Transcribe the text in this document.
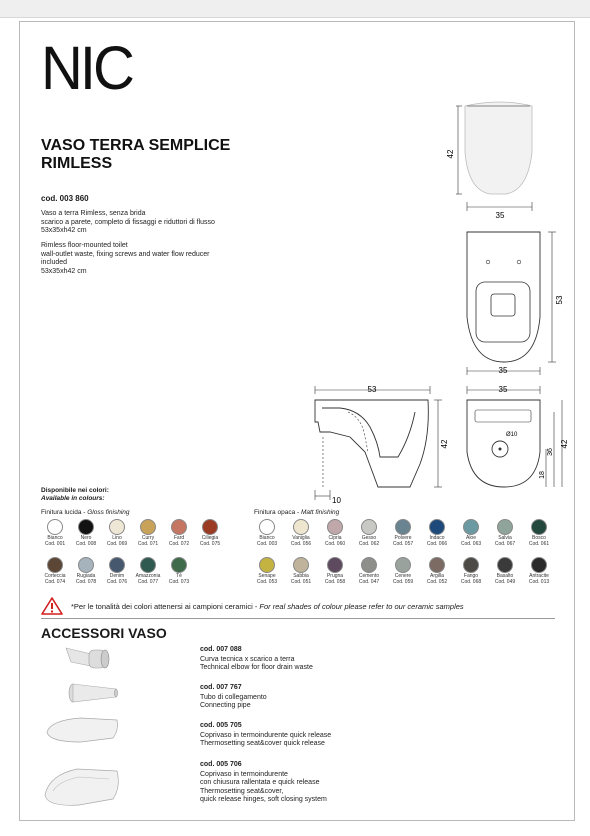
NIC
VASO TERRA SEMPLICE
RIMLESS
cod. 003 860
Vaso a terra Rimless, senza brida
scarico a parete, completo di fissaggi e riduttori di flusso
53x35xh42 cm
Rimless floor-mounted toilet
wall-outlet waste, fixing screws and water flow reducer
included
53x35xh42 cm
42
35
53
35
53
42
10
35
Ø10
18
36
42
Disponibile nei colori:
Available in colours:
Finitura lucida - Gloss finishing	Finitura opaca - Matt finishing
Bianco
Cod. 001
Nero
Cod. 008
Lino
Cod. 069
Curry
Cod. 071
Fard
Cod. 072
Ciliegia
Cod. 075
Corteccia
Cod. 074
Rugiada
Cod. 078
Denim
Cod. 076
Amazzonia
Cod. 077
Tè
Cod. 073
Bianco
Cod. 003
Vaniglia
Cod. 056
Cipria
Cod. 060
Gesso
Cod. 062
Polvere
Cod. 057
Indaco
Cod. 066
Aloe
Cod. 063
Salvia
Cod. 067
Bosco
Cod. 061
Senape
Cod. 053
Sabbia
Cod. 051
Prugna
Cod. 058
Cemento
Cod. 047
Cenere
Cod. 059
Argilla
Cod. 052
Fango
Cod. 068
Basalto
Cod. 049
Antracite
Cod. 013
*Per le tonalità dei colori attenersi ai campioni ceramici - For real shades of colour please refer to our ceramic samples
ACCESSORI VASO
cod. 007 088
Curva tecnica x scarico a terra
Technical elbow for floor drain waste
cod. 007 767
Tubo di collegamento
Connecting pipe
cod. 005 705
Coprivaso in termoindurente quick release
Thermosetting seat&cover quick release
cod. 005 706
Coprivaso in termoindurente
con chiusura rallentata e quick release
Thermosetting seat&cover,
quick release hinges, soft closing system
